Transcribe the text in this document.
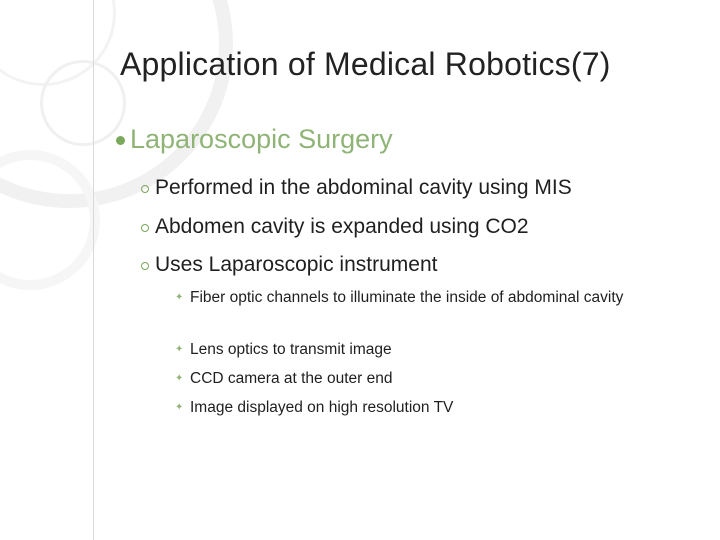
Application of Medical Robotics(7)
Laparoscopic Surgery
Performed in the abdominal cavity using MIS
Abdomen cavity is expanded using CO2
Uses Laparoscopic instrument
✦ Fiber optic channels to illuminate the inside of abdominal cavity
✦ Lens optics to transmit image
✦ CCD camera at the outer end
✦ Image displayed on high resolution TV
